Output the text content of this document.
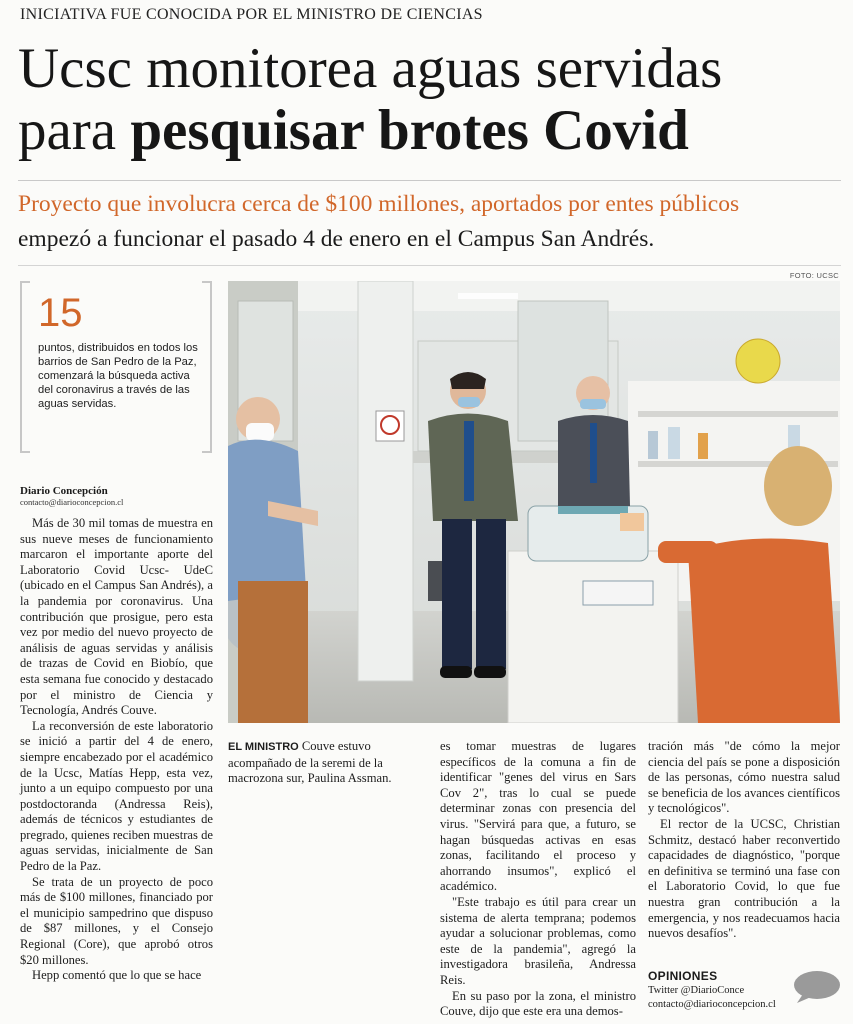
INICIATIVA FUE CONOCIDA POR EL MINISTRO DE CIENCIAS
Ucsc monitorea aguas servidas
para pesquisar brotes Covid
Proyecto que involucra cerca de $100 millones, aportados por entes públicos
empezó a funcionar el pasado 4 de enero en el Campus San Andrés.
FOTO: UCSC
15
puntos, distribuidos en todos los barrios de San Pedro de la Paz, comenzará la búsqueda activa del coronavirus a través de las aguas servidas.
Diario Concepción
contacto@diarioconcepcion.cl

Más de 30 mil tomas de muestra en sus nueve meses de funcionamiento marcaron el importante aporte del Laboratorio Covid Ucsc- UdeC (ubicado en el Campus San Andrés), a la pandemia por coronavirus. Una contribución que prosigue, pero esta vez por medio del nuevo proyecto de análisis de aguas servidas y análisis de trazas de Covid en Biobío, que esta semana fue conocido y destacado por el ministro de Ciencia y Tecnología, Andrés Couve.

La reconversión de este laboratorio se inició a partir del 4 de enero, siempre encabezado por el académico de la Ucsc, Matías Hepp, esta vez, junto a un equipo compuesto por una postdoctoranda (Andressa Reis), además de técnicos y estudiantes de pregrado, quienes reciben muestras de aguas servidas, inicialmente de San Pedro de la Paz.

Se trata de un proyecto de poco más de $100 millones, financiado por el municipio sampedrino que dispuso de $87 millones, y el Consejo Regional (Core), que aprobó otros $20 millones.

Hepp comentó que lo que se hace

EL MINISTRO Couve estuvo acompañado de la seremi de la macrozona sur, Paulina Assman.

es tomar muestras de lugares específicos de la comuna a fin de identificar "genes del virus en Sars Cov 2", tras lo cual se puede determinar zonas con presencia del virus. "Servirá para que, a futuro, se hagan búsquedas activas en esas zonas, facilitando el proceso y ahorrando insumos", explicó el académico.

"Este trabajo es útil para crear un sistema de alerta temprana; podemos ayudar a solucionar problemas, como este de la pandemia", agregó la investigadora brasileña, Andressa Reis.

En su paso por la zona, el ministro Couve, dijo que este era una demos-

tración más "de cómo la mejor ciencia del país se pone a disposición de las personas, cómo nuestra salud se beneficia de los avances científicos y tecnológicos".

El rector de la UCSC, Christian Schmitz, destacó haber reconvertido capacidades de diagnóstico, "porque en definitiva se terminó una fase con el Laboratorio Covid, lo que fue nuestra gran contribución a la emergencia, y nos readecuamos hacia nuevos desafíos".

OPINIONES
Twitter @DiarioConce
contacto@diarioconcepcion.cl
